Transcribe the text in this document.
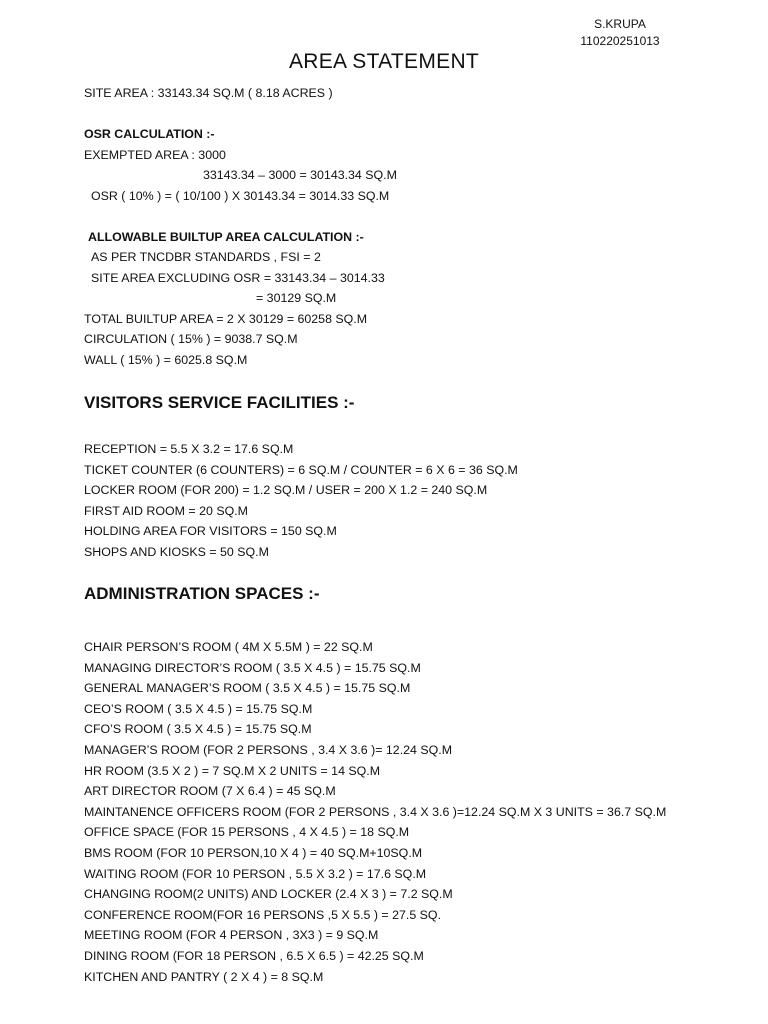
S.KRUPA
110220251013
AREA STATEMENT
SITE AREA : 33143.34 SQ.M ( 8.18 ACRES )
OSR CALCULATION :-
EXEMPTED AREA : 3000
33143.34 – 3000 = 30143.34 SQ.M
OSR ( 10% ) = ( 10/100 ) X 30143.34 = 3014.33 SQ.M
ALLOWABLE BUILTUP AREA CALCULATION :-
AS PER TNCDBR STANDARDS , FSI = 2
SITE AREA EXCLUDING OSR = 33143.34 – 3014.33
= 30129 SQ.M
TOTAL BUILTUP AREA = 2 X 30129 = 60258 SQ.M
CIRCULATION ( 15% ) = 9038.7 SQ.M
WALL ( 15% ) = 6025.8 SQ.M
VISITORS SERVICE FACILITIES :-
RECEPTION = 5.5 X 3.2 = 17.6 SQ.M
TICKET COUNTER (6 COUNTERS) = 6 SQ.M / COUNTER = 6 X 6 = 36 SQ.M
LOCKER ROOM (FOR 200) = 1.2 SQ.M / USER = 200 X 1.2 = 240 SQ.M
FIRST AID ROOM = 20 SQ.M
HOLDING AREA FOR VISITORS = 150 SQ.M
SHOPS AND KIOSKS = 50 SQ.M
ADMINISTRATION SPACES :-
CHAIR PERSON’S ROOM ( 4M X 5.5M ) = 22 SQ.M
MANAGING DIRECTOR’S ROOM ( 3.5 X 4.5 ) = 15.75 SQ.M
GENERAL MANAGER’S ROOM ( 3.5 X 4.5 ) = 15.75 SQ.M
CEO’S ROOM ( 3.5 X 4.5 ) = 15.75 SQ.M
CFO’S ROOM ( 3.5 X 4.5 ) = 15.75 SQ.M
MANAGER’S ROOM (FOR 2 PERSONS , 3.4 X 3.6 )= 12.24 SQ.M
HR ROOM (3.5 X 2 ) = 7 SQ.M X 2 UNITS = 14 SQ.M
ART DIRECTOR ROOM (7 X 6.4 ) = 45 SQ.M
MAINTANENCE OFFICERS ROOM (FOR 2 PERSONS , 3.4 X 3.6 )=12.24 SQ.M X 3 UNITS = 36.7 SQ.M
OFFICE SPACE (FOR 15 PERSONS , 4 X 4.5 ) = 18 SQ.M
BMS ROOM (FOR 10 PERSON,10 X 4 ) = 40 SQ.M+10SQ.M
WAITING ROOM (FOR 10 PERSON , 5.5 X 3.2 ) = 17.6 SQ.M
CHANGING ROOM(2 UNITS) AND LOCKER (2.4 X 3 ) = 7.2 SQ.M
CONFERENCE ROOM(FOR 16 PERSONS ,5 X 5.5 ) = 27.5 SQ.
MEETING ROOM (FOR 4 PERSON , 3X3 ) = 9 SQ.M
DINING ROOM (FOR 18 PERSON , 6.5 X 6.5 ) = 42.25 SQ.M
KITCHEN AND PANTRY ( 2 X 4 ) = 8 SQ.M
